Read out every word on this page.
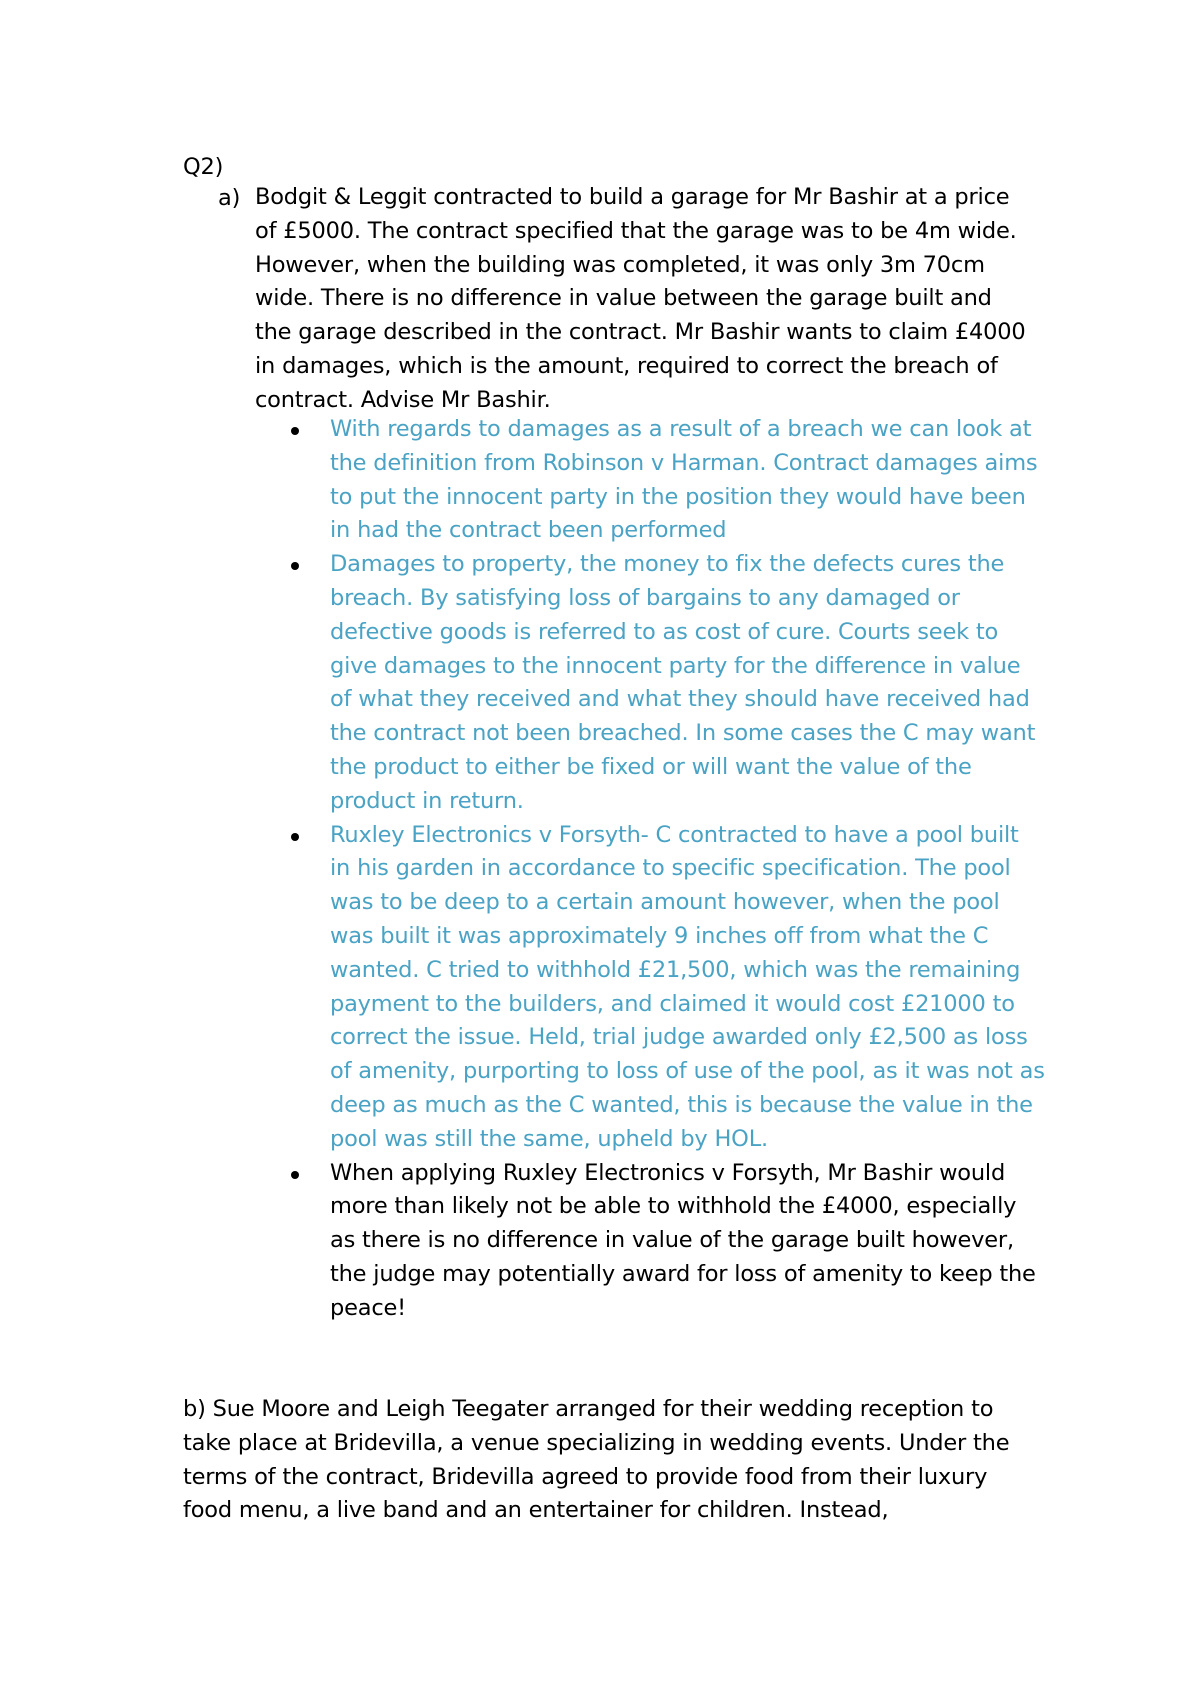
Q2)
a) Bodgit & Leggit contracted to build a garage for Mr Bashir at a price of £5000. The contract specified that the garage was to be 4m wide. However, when the building was completed, it was only 3m 70cm wide. There is no difference in value between the garage built and the garage described in the contract. Mr Bashir wants to claim £4000 in damages, which is the amount, required to correct the breach of contract. Advise Mr Bashir.
With regards to damages as a result of a breach we can look at the definition from Robinson v Harman. Contract damages aims to put the innocent party in the position they would have been in had the contract been performed
Damages to property, the money to fix the defects cures the breach. By satisfying loss of bargains to any damaged or defective goods is referred to as cost of cure. Courts seek to give damages to the innocent party for the difference in value of what they received and what they should have received had the contract not been breached. In some cases the C may want the product to either be fixed or will want the value of the product in return.
Ruxley Electronics v Forsyth- C contracted to have a pool built in his garden in accordance to specific specification. The pool was to be deep to a certain amount however, when the pool was built it was approximately 9 inches off from what the C wanted. C tried to withhold £21,500, which was the remaining payment to the builders, and claimed it would cost £21000 to correct the issue. Held, trial judge awarded only £2,500 as loss of amenity, purporting to loss of use of the pool, as it was not as deep as much as the C wanted, this is because the value in the pool was still the same, upheld by HOL.
When applying Ruxley Electronics v Forsyth, Mr Bashir would more than likely not be able to withhold the £4000, especially as there is no difference in value of the garage built however, the judge may potentially award for loss of amenity to keep the peace!
b) Sue Moore and Leigh Teegater arranged for their wedding reception to take place at Bridevilla, a venue specializing in wedding events. Under the terms of the contract, Bridevilla agreed to provide food from their luxury food menu, a live band and an entertainer for children. Instead,
